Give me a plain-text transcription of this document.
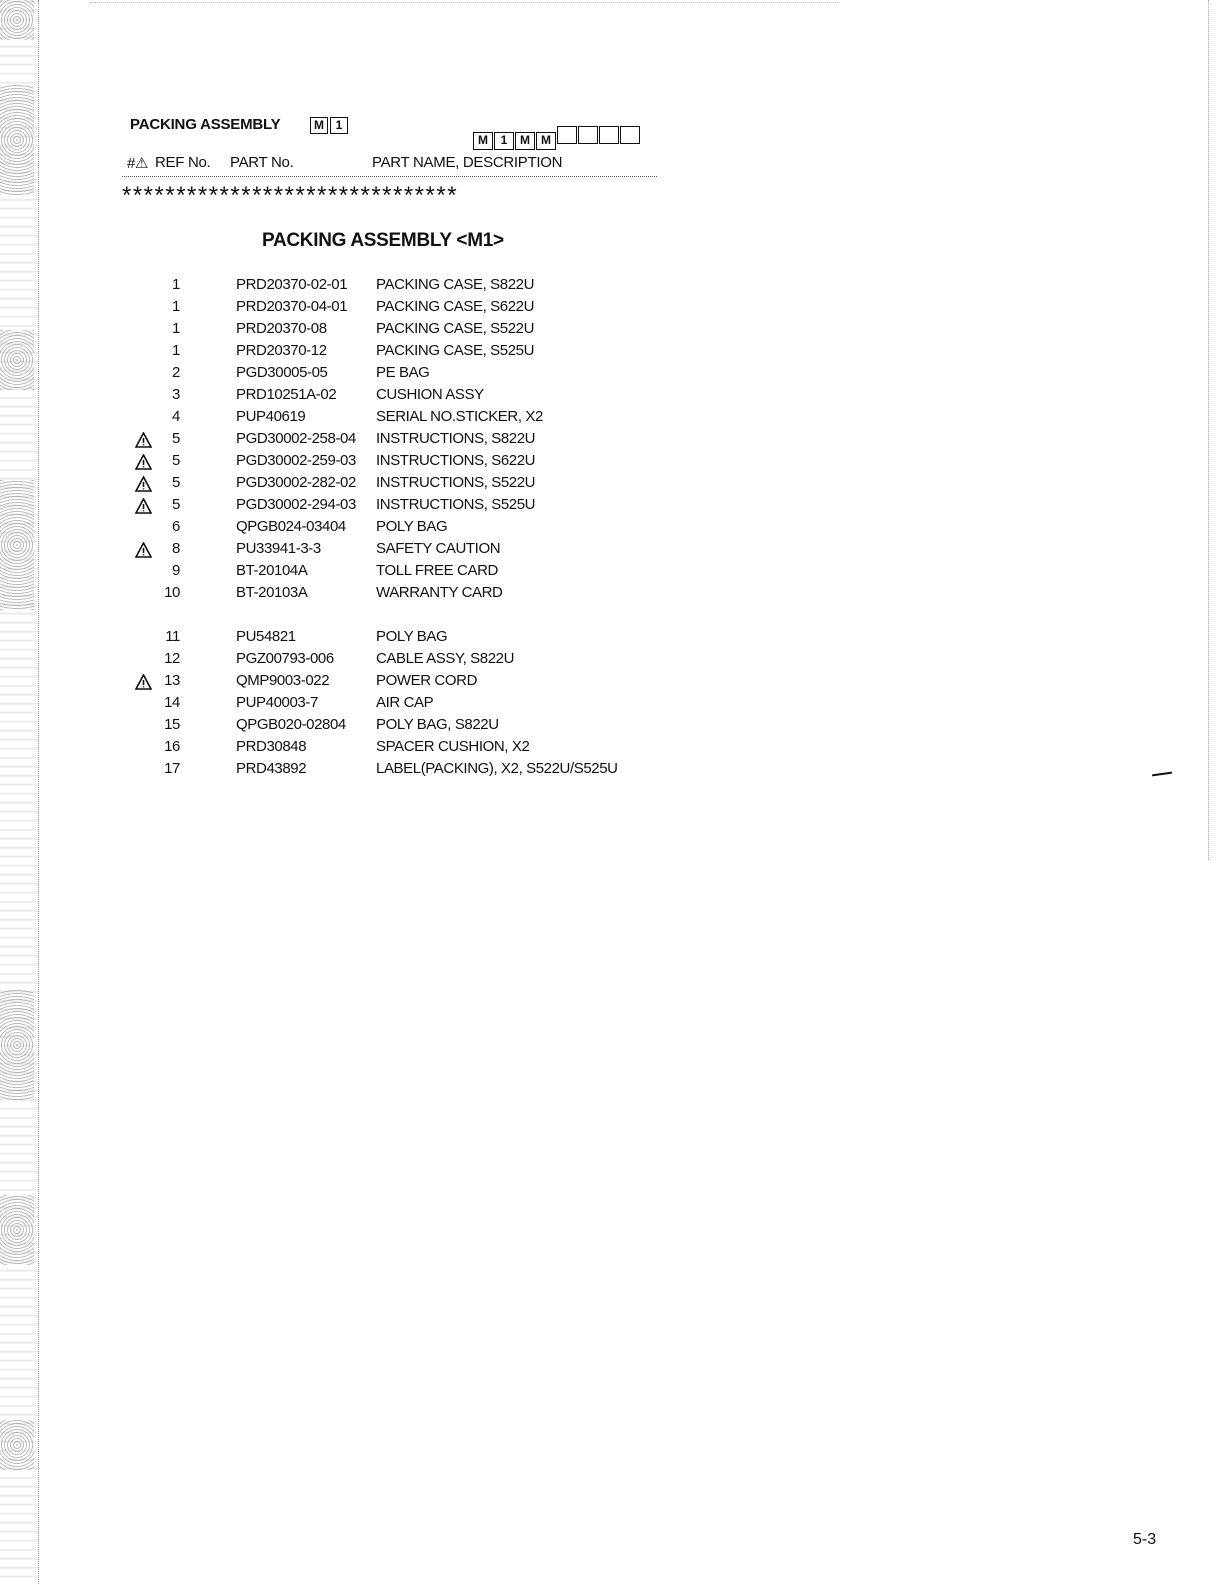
PACKING ASSEMBLY	M 1
M 1 M M
#⚠ REF No. PART No.	PART NAME, DESCRIPTION
*******************************
PACKING ASSEMBLY <M1>
1	PRD20370-02-01 PACKING CASE, S822U
1	PRD20370-04-01 PACKING CASE, S622U
1	PRD20370-08	PACKING CASE, S522U
1	PRD20370-12	PACKING CASE, S525U
2	PGD30005-05	PE BAG
3	PRD10251A-02	CUSHION ASSY
4	PUP40619	SERIAL NO.STICKER, X2
5	PGD30002-258-04 INSTRUCTIONS, S822U
5	PGD30002-259-03 INSTRUCTIONS, S622U
5	PGD30002-282-02 INSTRUCTIONS, S522U
5	PGD30002-294-03 INSTRUCTIONS, S525U
6	QPGB024-03404 POLY BAG
8	PU33941-3-3	SAFETY CAUTION
9	BT-20104A	TOLL FREE CARD
10	BT-20103A	WARRANTY CARD
11	PU54821	POLY BAG
12	PGZ00793-006	CABLE ASSY, S822U
13	QMP9003-022	POWER CORD
14	PUP40003-7	AIR CAP
15	QPGB020-02804 POLY BAG, S822U
16	PRD30848	SPACER CUSHION, X2
17	PRD43892	LABEL(PACKING), X2, S522U/S525U
5-3
